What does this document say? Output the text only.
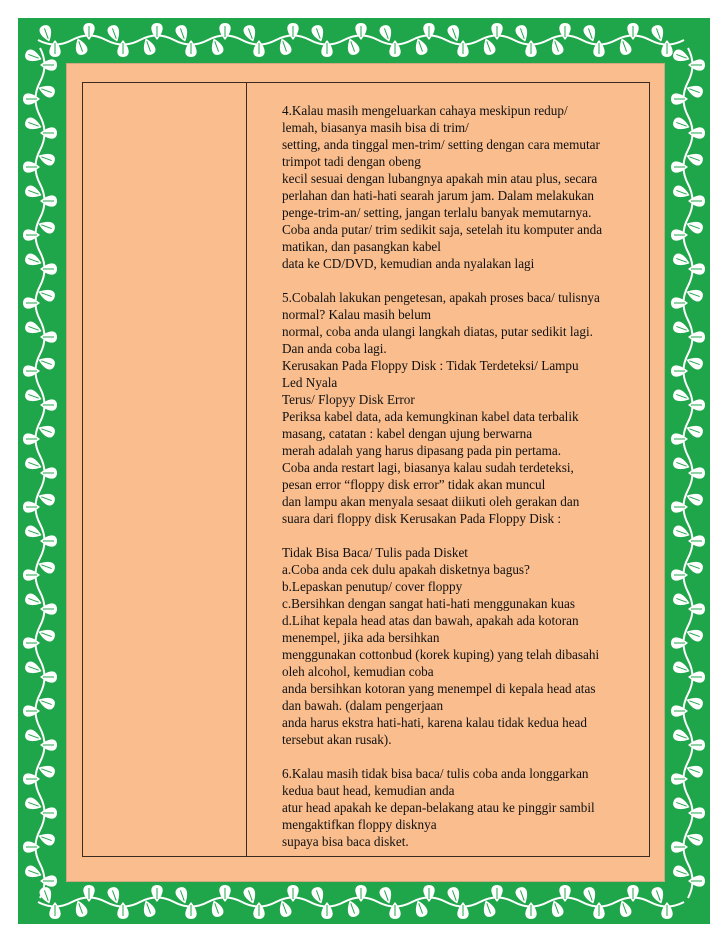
4.Kalau masih mengeluarkan cahaya meskipun redup/
lemah, biasanya masih bisa di trim/
setting, anda tinggal men-trim/ setting dengan cara memutar
trimpot tadi dengan obeng
kecil sesuai dengan lubangnya apakah min atau plus, secara
perlahan dan hati-hati searah jarum jam. Dalam melakukan
penge-trim-an/ setting, jangan terlalu banyak memutarnya.
Coba anda putar/ trim sedikit saja, setelah itu komputer anda
matikan, dan pasangkan kabel
data ke CD/DVD, kemudian anda nyalakan lagi
5.Cobalah lakukan pengetesan, apakah proses baca/ tulisnya
normal? Kalau masih belum
normal, coba anda ulangi langkah diatas, putar sedikit lagi.
Dan anda coba lagi.
Kerusakan Pada Floppy Disk : Tidak Terdeteksi/ Lampu
Led Nyala
Terus/ Flopyy Disk Error
Periksa kabel data, ada kemungkinan kabel data terbalik
masang, catatan : kabel dengan ujung berwarna
merah adalah yang harus dipasang pada pin pertama.
Coba anda restart lagi, biasanya kalau sudah terdeteksi,
pesan error “floppy disk error” tidak akan muncul
dan lampu akan menyala sesaat diikuti oleh gerakan dan
suara dari floppy disk Kerusakan Pada Floppy Disk :
Tidak Bisa Baca/ Tulis pada Disket
a.Coba anda cek dulu apakah disketnya bagus?
b.Lepaskan penutup/ cover floppy
c.Bersihkan dengan sangat hati-hati menggunakan kuas
d.Lihat kepala head atas dan bawah, apakah ada kotoran
menempel, jika ada bersihkan
menggunakan cottonbud (korek kuping) yang telah dibasahi
oleh alcohol, kemudian coba
anda bersihkan kotoran yang menempel di kepala head atas
dan bawah. (dalam pengerjaan
anda harus ekstra hati-hati, karena kalau tidak kedua head
tersebut akan rusak).
6.Kalau masih tidak bisa baca/ tulis coba anda longgarkan
kedua baut head, kemudian anda
atur head apakah ke depan-belakang atau ke pinggir sambil
mengaktifkan floppy disknya
supaya bisa baca disket.
